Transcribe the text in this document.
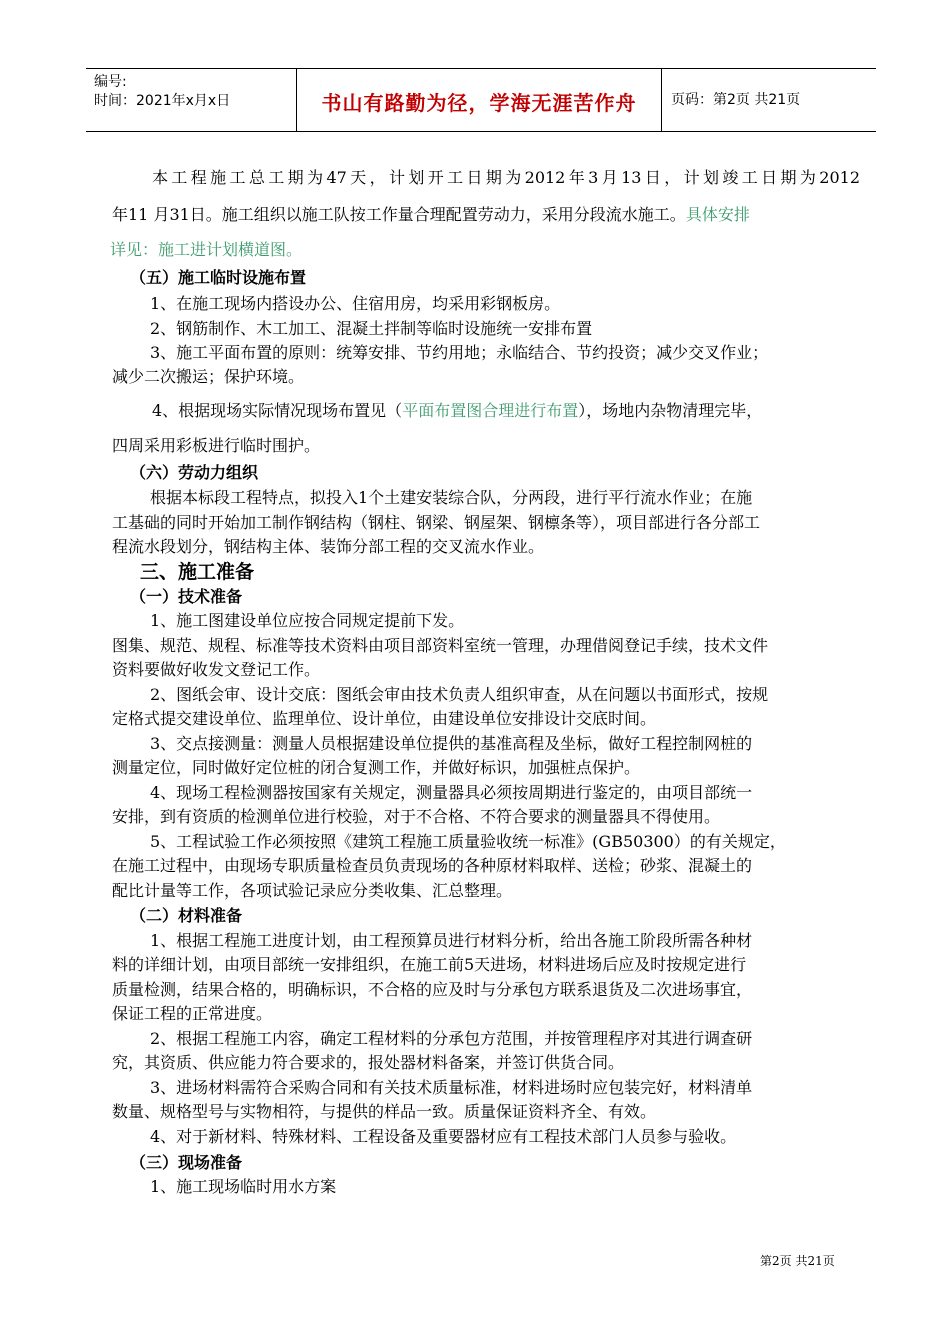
编号:
时间：2021年x月x日	书山有路勤为径，学海无涯苦作舟	页码：第2页 共21页
本工程施工总工期为47天，计划开工日期为2012年3月13日，计划竣工日期为2012
年11 月31日。施工组织以施工队按工作量合理配置劳动力，采用分段流水施工。具体安排
详见：施工进计划横道图。
（五）施工临时设施布置
1、在施工现场内搭设办公、住宿用房，均采用彩钢板房。
2、钢筋制作、木工加工、混凝土拌制等临时设施统一安排布置
3、施工平面布置的原则：统筹安排、节约用地；永临结合、节约投资；减少交叉作业；
减少二次搬运；保护环境。
4、根据现场实际情况现场布置见（平面布置图合理进行布置），场地内杂物清理完毕，
四周采用彩板进行临时围护。
（六）劳动力组织
根据本标段工程特点，拟投入1个土建安装综合队，分两段，进行平行流水作业；在施
工基础的同时开始加工制作钢结构（钢柱、钢梁、钢屋架、钢檩条等），项目部进行各分部工
程流水段划分，钢结构主体、装饰分部工程的交叉流水作业。
三、施工准备
（一）技术准备
1、施工图建设单位应按合同规定提前下发。
图集、规范、规程、标准等技术资料由项目部资料室统一管理，办理借阅登记手续，技术文件
资料要做好收发文登记工作。
2、图纸会审、设计交底：图纸会审由技术负责人组织审查，从在问题以书面形式，按规
定格式提交建设单位、监理单位、设计单位，由建设单位安排设计交底时间。
3、交点接测量：测量人员根据建设单位提供的基准高程及坐标，做好工程控制网桩的
测量定位，同时做好定位桩的闭合复测工作，并做好标识，加强桩点保护。
4、现场工程检测器按国家有关规定，测量器具必须按周期进行鉴定的，由项目部统一
安排，到有资质的检测单位进行校验，对于不合格、不符合要求的测量器具不得使用。
5、工程试验工作必须按照《建筑工程施工质量验收统一标准》(GB50300）的有关规定，
在施工过程中，由现场专职质量检查员负责现场的各种原材料取样、送检；砂浆、混凝土的
配比计量等工作，各项试验记录应分类收集、汇总整理。
（二）材料准备
1、根据工程施工进度计划，由工程预算员进行材料分析，给出各施工阶段所需各种材
料的详细计划，由项目部统一安排组织，在施工前5天进场，材料进场后应及时按规定进行
质量检测，结果合格的，明确标识，不合格的应及时与分承包方联系退货及二次进场事宜，
保证工程的正常进度。
2、根据工程施工内容，确定工程材料的分承包方范围，并按管理程序对其进行调查研
究，其资质、供应能力符合要求的，报处器材料备案，并签订供货合同。
3、进场材料需符合采购合同和有关技术质量标准，材料进场时应包装完好，材料清单
数量、规格型号与实物相符，与提供的样品一致。质量保证资料齐全、有效。
4、对于新材料、特殊材料、工程设备及重要器材应有工程技术部门人员参与验收。
（三）现场准备
1、施工现场临时用水方案
第2页 共21页
